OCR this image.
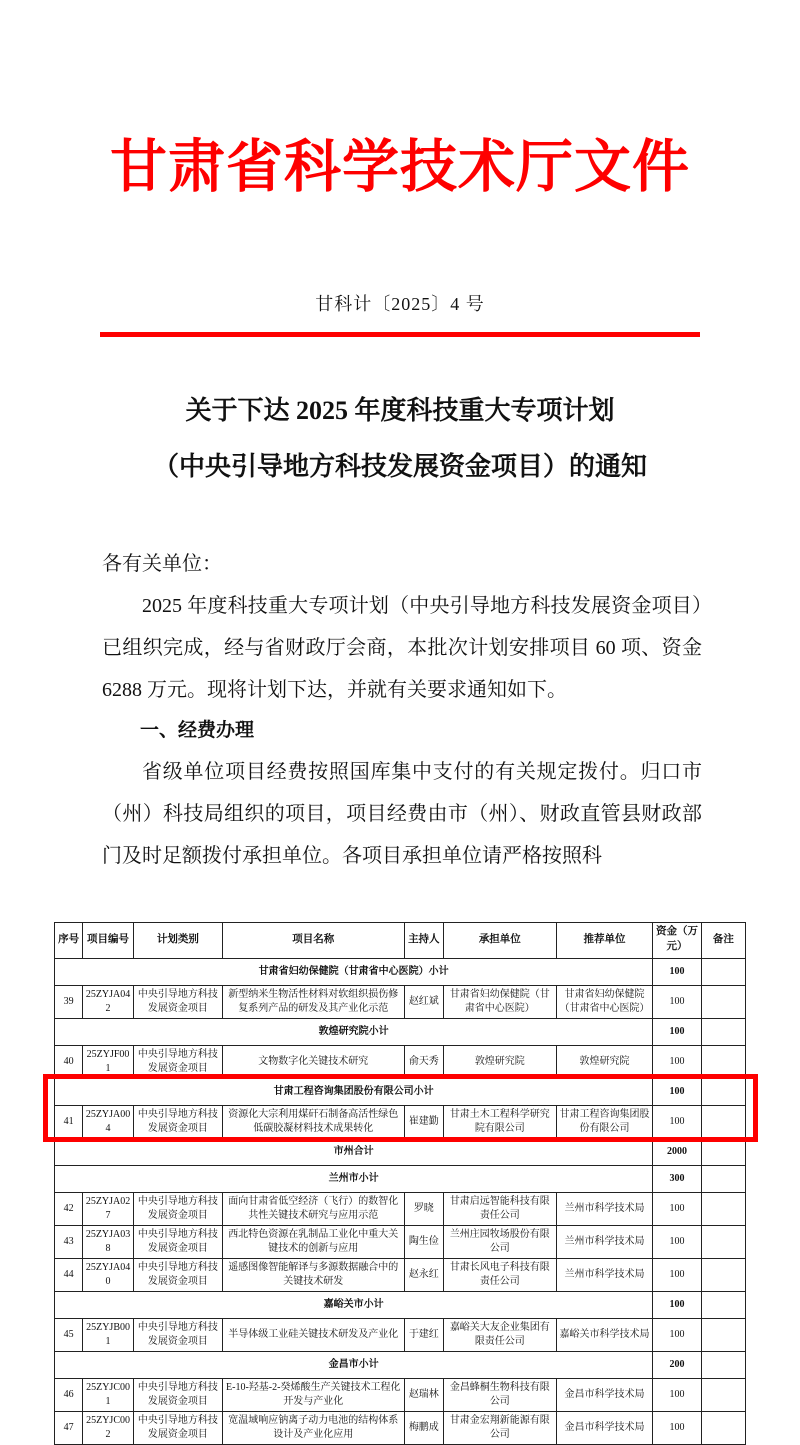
甘肃省科学技术厅文件
甘科计〔2025〕4 号
关于下达 2025 年度科技重大专项计划
（中央引导地方科技发展资金项目）的通知

各有关单位：

2025 年度科技重大专项计划（中央引导地方科技发展资金项目）已组织完成，经与省财政厅会商，本批次计划安排项目 60 项、资金 6288 万元。现将计划下达，并就有关要求通知如下。

一、经费办理

省级单位项目经费按照国库集中支付的有关规定拨付。归口市（州）科技局组织的项目，项目经费由市（州）、财政直管县财政部门及时足额拨付承担单位。各项目承担单位请严格按照科

序号	项目编号	计划类别	项目名称	主持人	承担单位	推荐单位	资金（万元）	备注
甘肃省妇幼保健院（甘肃省中心医院）小计							100	
39	25ZYJA042	中央引导地方科技发展资金项目	新型纳米生物活性材料对软组织损伤修复系列产品的研发及其产业化示范	赵红斌	甘肃省妇幼保健院（甘肃省中心医院）	甘肃省妇幼保健院（甘肃省中心医院）	100	
敦煌研究院小计							100	
40	25ZYJF001	中央引导地方科技发展资金项目	文物数字化关键技术研究	俞天秀	敦煌研究院	敦煌研究院	100	
甘肃工程咨询集团股份有限公司小计							100	
41	25ZYJA004	中央引导地方科技发展资金项目	资源化大宗利用煤矸石制备高活性绿色低碳胶凝材料技术成果转化	崔建勤	甘肃土木工程科学研究院有限公司	甘肃工程咨询集团股份有限公司	100	
市州合计							2000	
兰州市小计							300	
42	25ZYJA027	中央引导地方科技发展资金项目	面向甘肃省低空经济（飞行）的数智化共性关键技术研究与应用示范	罗晓	甘肃启远智能科技有限责任公司	兰州市科学技术局	100	
43	25ZYJA038	中央引导地方科技发展资金项目	西北特色资源在乳制品工业化中重大关键技术的创新与应用	陶生俭	兰州庄园牧场股份有限公司	兰州市科学技术局	100	
44	25ZYJA040	中央引导地方科技发展资金项目	遥感图像智能解译与多源数据融合中的关键技术研发	赵永红	甘肃长风电子科技有限责任公司	兰州市科学技术局	100	
嘉峪关市小计							100	
45	25ZYJB001	中央引导地方科技发展资金项目	半导体级工业硅关键技术研发及产业化	于建红	嘉峪关大友企业集团有限责任公司	嘉峪关市科学技术局	100	
金昌市小计							200	
46	25ZYJC001	中央引导地方科技发展资金项目	E-10-羟基-2-癸烯酸生产关键技术工程化开发与产业化	赵瑞林	金昌蜂桐生物科技有限公司	金昌市科学技术局	100	
47	25ZYJC002	中央引导地方科技发展资金项目	宽温域响应钠离子动力电池的结构体系设计及产业化应用	梅鹏成	甘肃金宏翔新能源有限公司	金昌市科学技术局	100	
